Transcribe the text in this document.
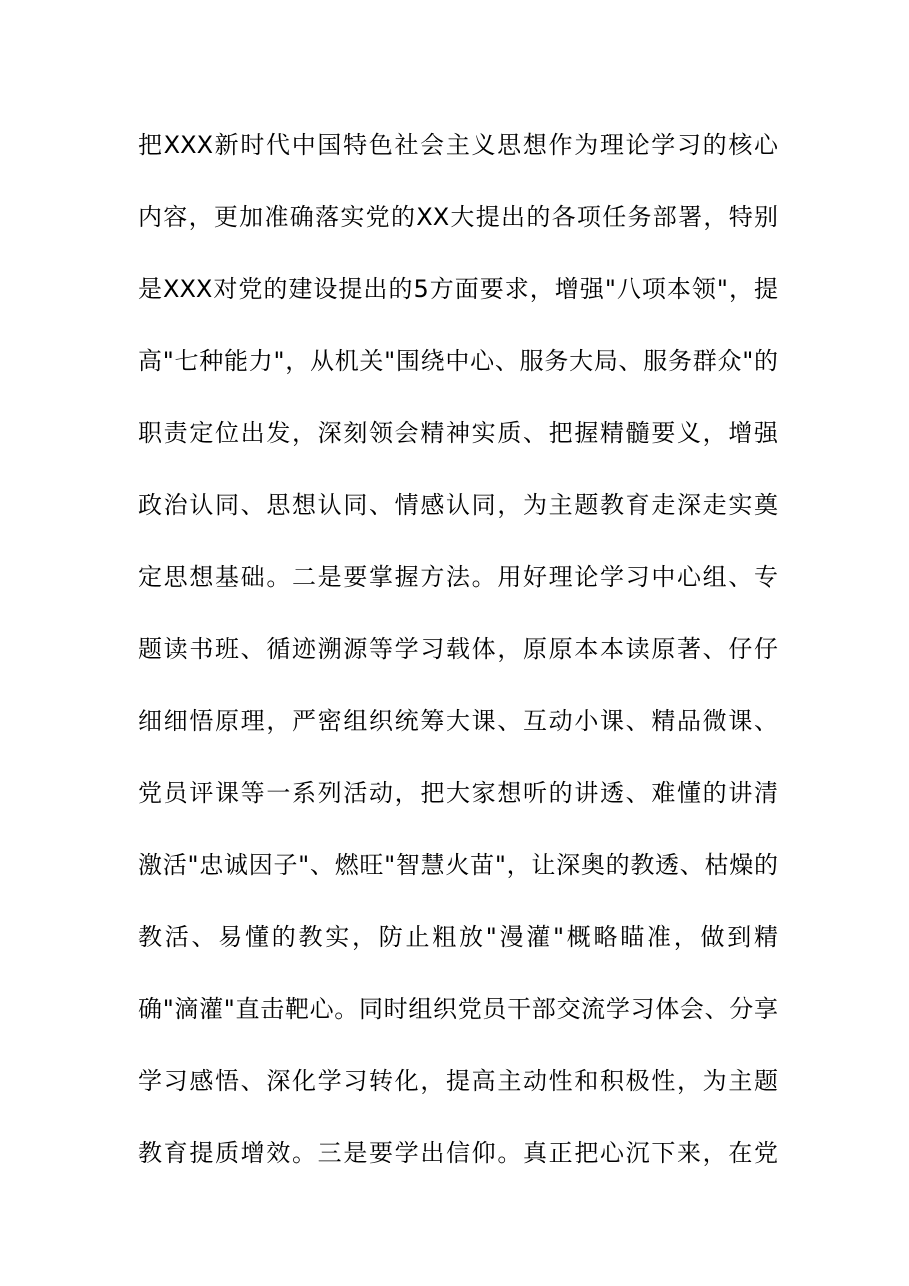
把XXX新时代中国特色社会主义思想作为理论学习的核心
内容，更加准确落实党的XX大提出的各项任务部署，特别
是XXX对党的建设提出的5方面要求，增强"八项本领"，提
高"七种能力"，从机关"围绕中心、服务大局、服务群众"的
职责定位出发，深刻领会精神实质、把握精髓要义，增强
政治认同、思想认同、情感认同，为主题教育走深走实奠
定思想基础。二是要掌握方法。用好理论学习中心组、专
题读书班、循迹溯源等学习载体，原原本本读原著、仔仔
细细悟原理，严密组织统筹大课、互动小课、精品微课、
党员评课等一系列活动，把大家想听的讲透、难懂的讲清
激活"忠诚因子"、燃旺"智慧火苗"，让深奥的教透、枯燥的
教活、易懂的教实，防止粗放"漫灌"概略瞄准，做到精
确"滴灌"直击靶心。同时组织党员干部交流学习体会、分享
学习感悟、深化学习转化，提高主动性和积极性，为主题
教育提质增效。三是要学出信仰。真正把心沉下来，在党
